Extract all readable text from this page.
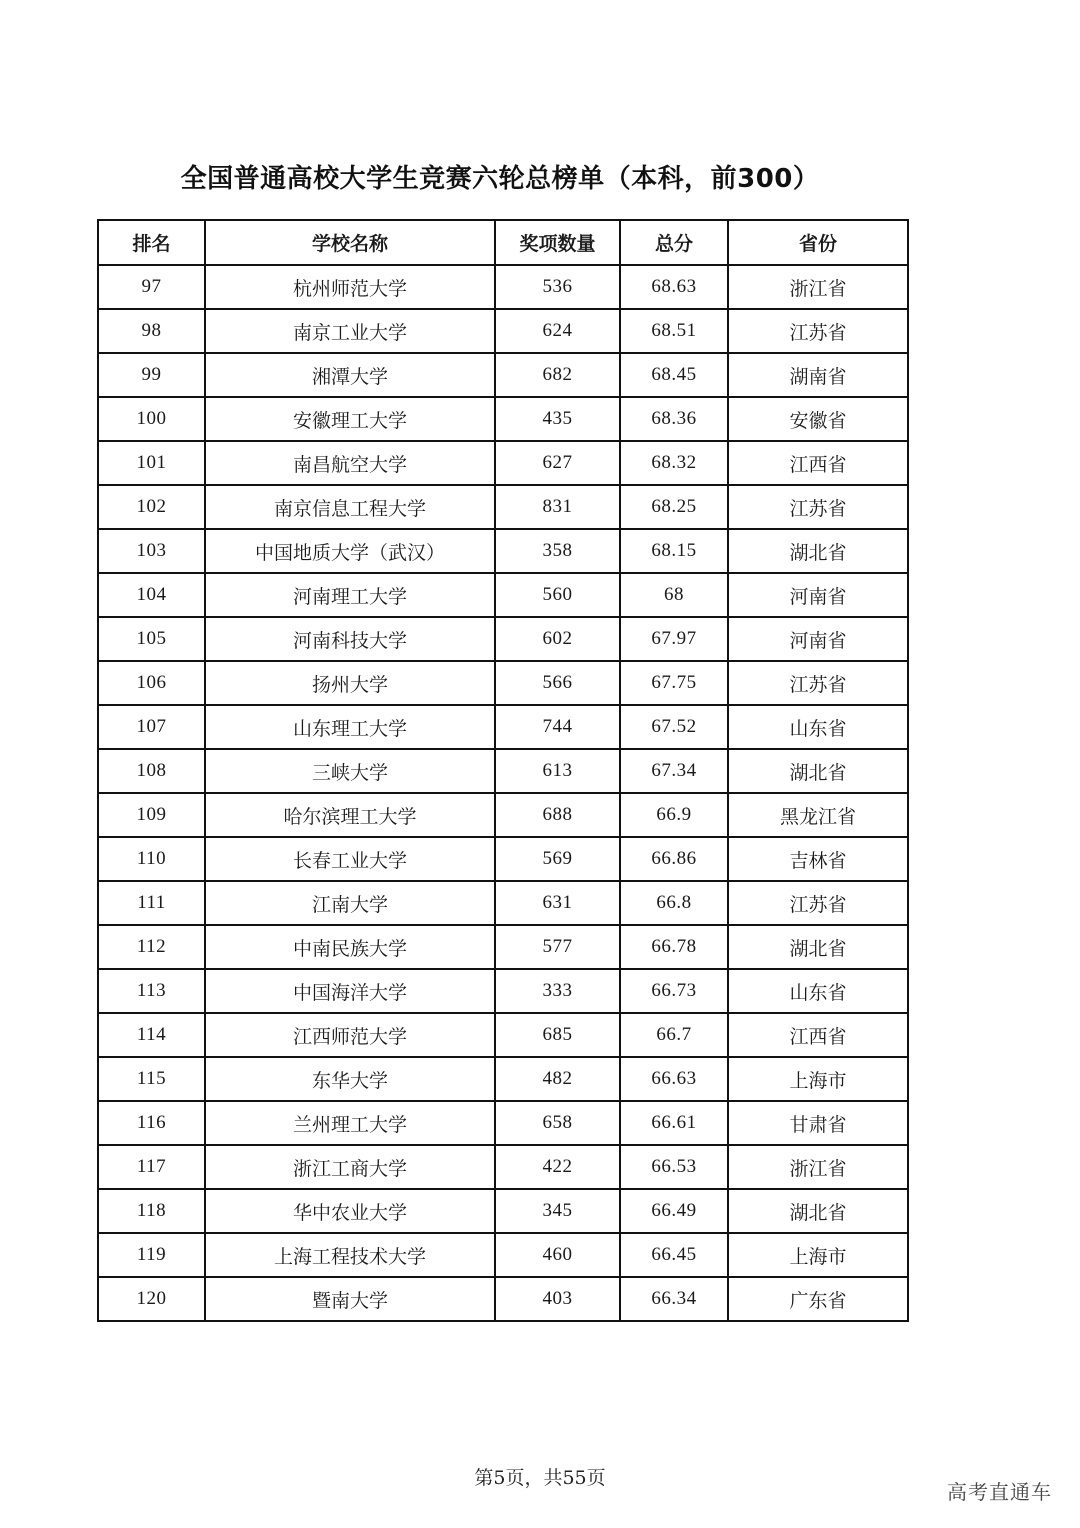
全国普通高校大学生竞赛六轮总榜单（本科，前300）
排名	学校名称	奖项数量	总分	省份
97	杭州师范大学	536	68.63	浙江省
98	南京工业大学	624	68.51	江苏省
99	湘潭大学	682	68.45	湖南省
100	安徽理工大学	435	68.36	安徽省
101	南昌航空大学	627	68.32	江西省
102	南京信息工程大学	831	68.25	江苏省
103	中国地质大学（武汉）	358	68.15	湖北省
104	河南理工大学	560	68	河南省
105	河南科技大学	602	67.97	河南省
106	扬州大学	566	67.75	江苏省
107	山东理工大学	744	67.52	山东省
108	三峡大学	613	67.34	湖北省
109	哈尔滨理工大学	688	66.9	黑龙江省
110	长春工业大学	569	66.86	吉林省
111	江南大学	631	66.8	江苏省
112	中南民族大学	577	66.78	湖北省
113	中国海洋大学	333	66.73	山东省
114	江西师范大学	685	66.7	江西省
115	东华大学	482	66.63	上海市
116	兰州理工大学	658	66.61	甘肃省
117	浙江工商大学	422	66.53	浙江省
118	华中农业大学	345	66.49	湖北省
119	上海工程技术大学	460	66.45	上海市
120	暨南大学	403	66.34	广东省
第5页，共55页
高考直通车
